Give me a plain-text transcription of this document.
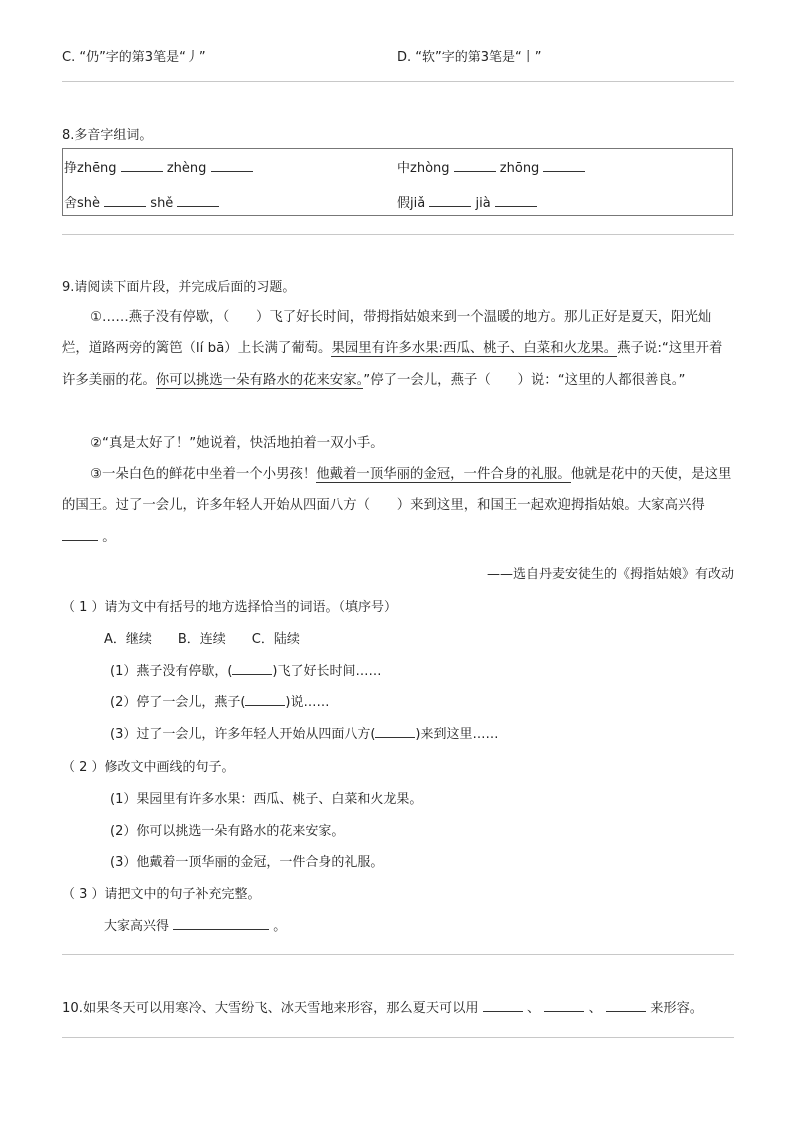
C. “仍”字的第3笔是“丿”	D. “软”字的第3笔是“丨”
8.多音字组词。
挣zhēng	zhèng	中zhòng	zhōng
舍shè	shě	假jiǎ	jià
9.请阅读下面片段，并完成后面的习题。
①……燕子没有停歇，（　　）飞了好长时间，带拇指姑娘来到一个温暖的地方。那儿正好是夏天，阳光灿烂，道路两旁的篱笆（lí bā）上长满了葡萄。果园里有许多水果:西瓜、桃子、白菜和火龙果。燕子说:“这里开着许多美丽的花。你可以挑选一朵有路水的花来安家。”停了一会儿，燕子（　　）说：“这里的人都很善良。”
②“真是太好了！”她说着，快活地拍着一双小手。
③一朵白色的鲜花中坐着一个小男孩！他戴着一顶华丽的金冠，一件合身的礼服。他就是花中的天使，是这里的国王。过了一会儿，许多年轻人开始从四面八方（　　）来到这里，和国王一起欢迎拇指姑娘。大家高兴得  。
——选自丹麦安徒生的《拇指姑娘》有改动
（ 1 ）请为文中有括号的地方选择恰当的词语。（填序号）
A．继续　　B．连续　　C．陆续
(1）燕子没有停歇，(	)飞了好长时间……
(2）停了一会儿，燕子(	)说……
(3）过了一会儿，许多年轻人开始从四面八方(	)来到这里……
（ 2 ）修改文中画线的句子。
(1）果园里有许多水果：西瓜、桃子、白菜和火龙果。
(2）你可以挑选一朵有路水的花来安家。
(3）他戴着一顶华丽的金冠，一件合身的礼服。
（ 3 ）请把文中的句子补充完整。
大家高兴得	。
10.如果冬天可以用寒冷、大雪纷飞、冰天雪地来形容，那么夏天可以用	、	、	来形容。
